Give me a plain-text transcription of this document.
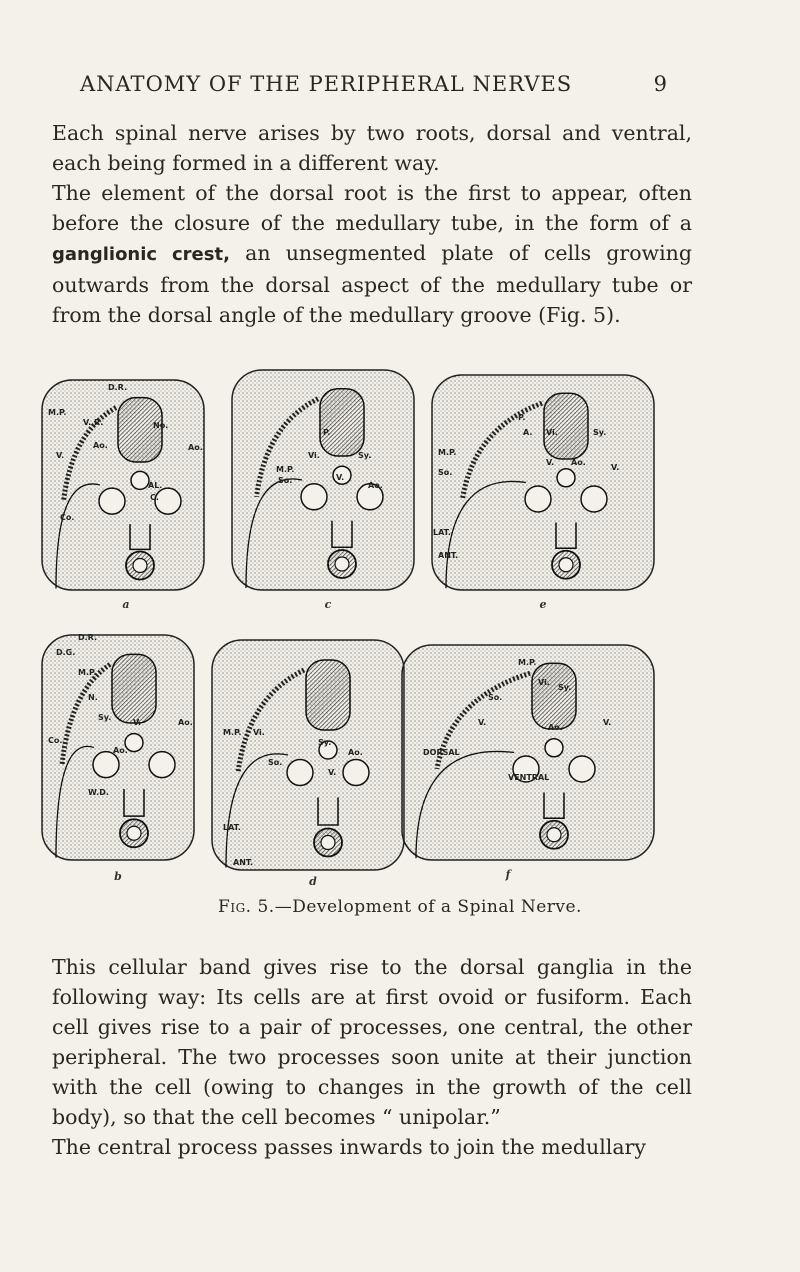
ANATOMY OF THE PERIPHERAL NERVES	9

Each spinal nerve arises by two roots, dorsal and ventral, each being formed in a different way.

The element of the dorsal root is the first to appear, often before the closure of the medullary tube, in the form of a ganglionic crest, an unsegmented plate of cells growing outwards from the dorsal aspect of the medullary tube or from the dorsal angle of the medullary groove (Fig. 5).

D.R.
M.P.
V. R.	No.
Ao.	Ao.
V.
AL.
C.
Co.
a
M.P.
P.
Vi.	Sy.
So.	V.
Ao.
c
P.
A. Vi.	Sy.
Ao.
V.
M.P.
So.
V.
LAT.
ANT.
e
D.R.
D.G.
M.P.
N.
Sy.
V.	Ao.
Ao.
W.D.
Co.
b
M.P. Vi.
Sy.
So.
V.
Ao.
LAT.
ANT.
d
M.P.
Vi.
Sy.
So.
V.
Ao.
V.
DORSAL
VENTRAL
f
Fig. 5.—Development of a Spinal Nerve.

This cellular band gives rise to the dorsal ganglia in the following way: Its cells are at first ovoid or fusiform. Each cell gives rise to a pair of processes, one central, the other peripheral. The two processes soon unite at their junction with the cell (owing to changes in the growth of the cell body), so that the cell becomes “ unipolar.”

The central process passes inwards to join the medullary
